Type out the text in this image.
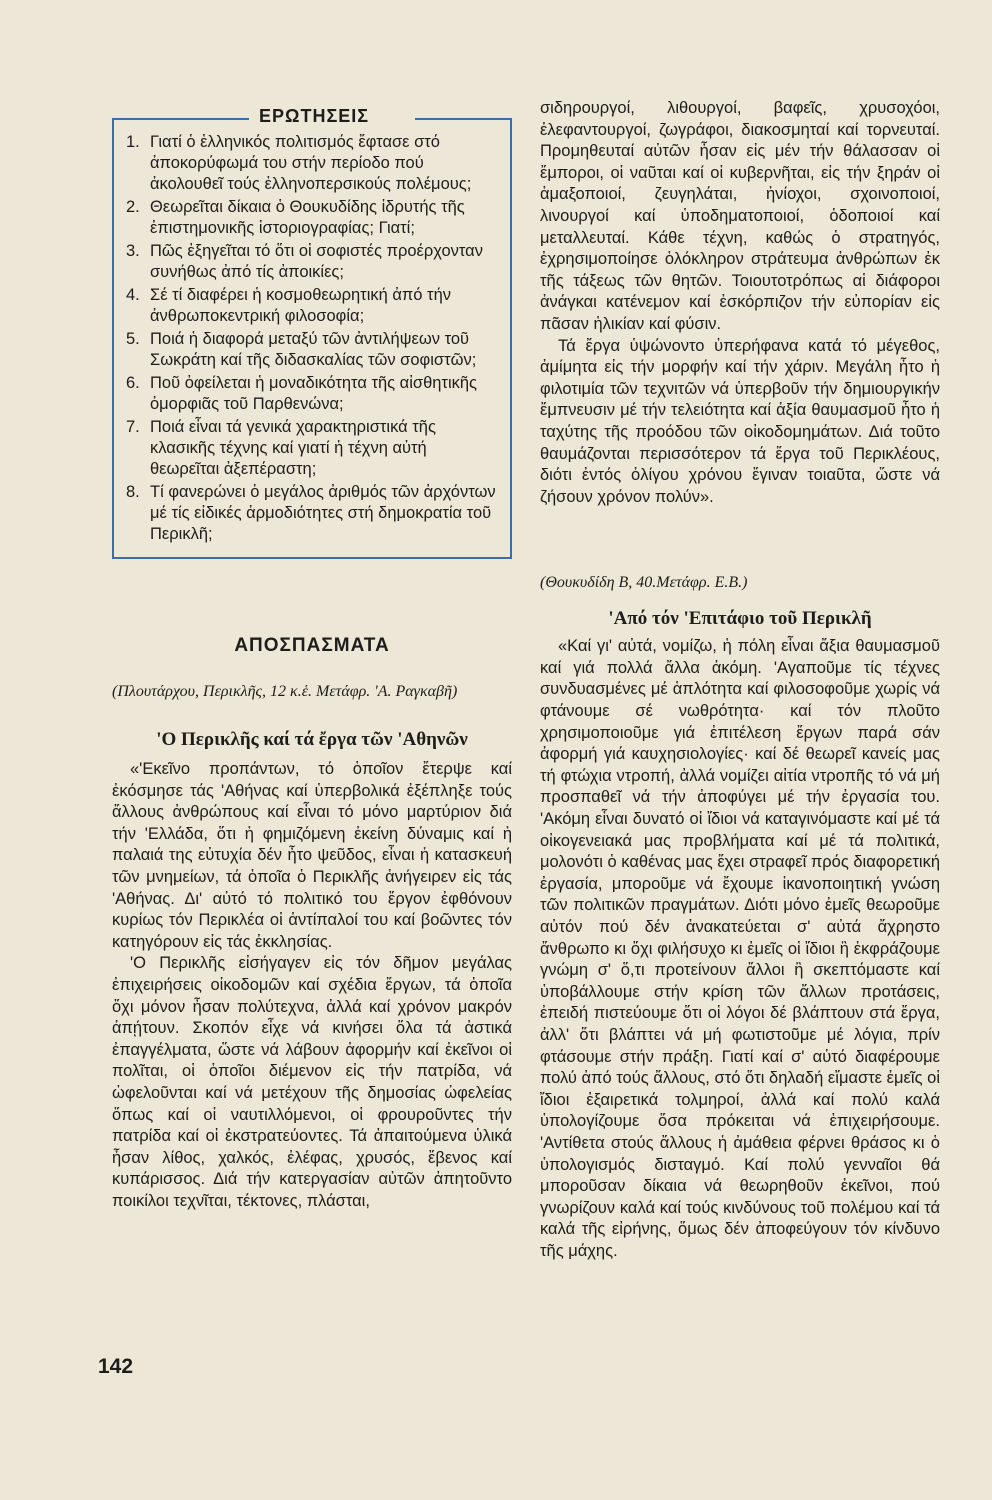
ΕΡΩΤΗΣΕΙΣ
1. Γιατί ὁ ἑλληνικός πολιτισμός ἔφτασε στό ἀποκορύφωμά του στήν περίοδο πού ἀκολουθεῖ τούς ἑλληνοπερσικούς πολέμους;
2. Θεωρεῖται δίκαια ὁ Θουκυδίδης ἱδρυτής τῆς ἐπιστημονικῆς ἱστοριογραφίας; Γιατί;
3. Πῶς ἐξηγεῖται τό ὅτι οἱ σοφιστές προέρχονταν συνήθως ἀπό τίς ἀποικίες;
4. Σέ τί διαφέρει ἡ κοσμοθεωρητική ἀπό τήν ἀνθρωποκεντρική φιλοσοφία;
5. Ποιά ἡ διαφορά μεταξύ τῶν ἀντιλήψεων τοῦ Σωκράτη καί τῆς διδασκαλίας τῶν σοφιστῶν;
6. Ποῦ ὀφείλεται ἡ μοναδικότητα τῆς αἰσθητικῆς ὀμορφιᾶς τοῦ Παρθενώνα;
7. Ποιά εἶναι τά γενικά χαρακτηριστικά τῆς κλασικῆς τέχνης καί γιατί ἡ τέχνη αὐτή θεωρεῖται ἀξεπέραστη;
8. Τί φανερώνει ὁ μεγάλος ἀριθμός τῶν ἀρχόντων μέ τίς εἰδικές ἀρμοδιότητες στή δημοκρατία τοῦ Περικλῆ;
ΑΠΟΣΠΑΣΜΑΤΑ
(Πλουτάρχου, Περικλῆς, 12 κ.ἑ. Μετάφρ. 'Α. Ραγκαβῆ)
'Ο Περικλῆς καί τά ἔργα τῶν 'Αθηνῶν

«'Εκεῖνο προπάντων, τό ὁποῖον ἔτερψε καί ἐκόσμησε τάς 'Αθήνας καί ὑπερβολικά ἐξέπληξε τούς ἄλλους ἀνθρώπους καί εἶναι τό μόνο μαρτύριον διά τήν 'Ελλάδα, ὅτι ἡ φημιζόμενη ἐκείνη δύναμις καί ἡ παλαιά της εὐτυχία δέν ἦτο ψεῦδος, εἶναι ἡ κατασκευή τῶν μνημείων, τά ὁποῖα ὁ Περικλῆς ἀνήγειρεν εἰς τάς 'Αθήνας. Δι' αὐτό τό πολιτικό του ἔργον ἐφθόνουν κυρίως τόν Περικλέα οἱ ἀντίπαλοί του καί βοῶντες τόν κατηγόρουν εἰς τάς ἐκκλησίας.

'Ο Περικλῆς εἰσήγαγεν εἰς τόν δῆμον μεγάλας ἐπιχειρήσεις οἰκοδομῶν καί σχέδια ἔργων, τά ὁποῖα ὄχι μόνον ἦσαν πολύτεχνα, ἀλλά καί χρόνον μακρόν ἀπῄτουν. Σκοπόν εἶχε νά κινήσει ὅλα τά ἀστικά ἐπαγγέλματα, ὥστε νά λάβουν ἀφορμήν καί ἐκεῖνοι οἱ πολῖται, οἱ ὁποῖοι διέμενον εἰς τήν πατρίδα, νά ὠφελοῦνται καί νά μετέχουν τῆς δημοσίας ὠφελείας ὅπως καί οἱ ναυτιλλόμενοι, οἱ φρουροῦντες τήν πατρίδα καί οἱ ἐκστρατεύοντες. Τά ἀπαιτούμενα ὑλικά ἦσαν λίθος, χαλκός, ἐλέφας, χρυσός, ἔβενος καί κυπάρισσος. Διά τήν κατεργασίαν αὐτῶν ἀπητοῦντο ποικίλοι τεχνῖται, τέκτονες, πλάσται,

σιδηρουργοί, λιθουργοί, βαφεῖς, χρυσοχόοι, ἐλεφαντουργοί, ζωγράφοι, διακοσμηταί καί τορνευταί. Προμηθευταί αὐτῶν ἦσαν εἰς μέν τήν θάλασσαν οἱ ἔμποροι, οἱ ναῦται καί οἱ κυβερνῆται, εἰς τήν ξηράν οἱ ἁμαξοποιοί, ζευγηλάται, ἡνίοχοι, σχοινοποιοί, λινουργοί καί ὑποδηματοποιοί, ὁδοποιοί καί μεταλλευταί. Κάθε τέχνη, καθώς ὁ στρατηγός, ἐχρησιμοποίησε ὁλόκληρον στράτευμα ἀνθρώπων ἐκ τῆς τάξεως τῶν θητῶν. Τοιουτοτρόπως αἱ διάφοροι ἀνάγκαι κατένεμον καί ἐσκόρπιζον τήν εὐπορίαν εἰς πᾶσαν ἡλικίαν καί φύσιν.

Τά ἔργα ὑψώνοντο ὑπερήφανα κατά τό μέγεθος, ἀμίμητα εἰς τήν μορφήν καί τήν χάριν. Μεγάλη ἦτο ἡ φιλοτιμία τῶν τεχνιτῶν νά ὑπερβοῦν τήν δημιουργικήν ἔμπνευσιν μέ τήν τελειότητα καί ἀξία θαυμασμοῦ ἦτο ἡ ταχύτης τῆς προόδου τῶν οἰκοδομημάτων. Διά τοῦτο θαυμάζονται περισσότερον τά ἔργα τοῦ Περικλέους, διότι ἐντός ὀλίγου χρόνου ἔγιναν τοιαῦτα, ὥστε νά ζήσουν χρόνον πολύν».

(Θουκυδίδη Β, 40.Μετάφρ. Ε.Β.)
'Από τόν 'Επιτάφιο τοῦ Περικλῆ

«Καί γι' αὐτά, νομίζω, ἡ πόλη εἶναι ἄξια θαυμασμοῦ καί γιά πολλά ἄλλα ἀκόμη. 'Αγαποῦμε τίς τέχνες συνδυασμένες μέ ἁπλότητα καί φιλοσοφοῦμε χωρίς νά φτάνουμε σέ νωθρότητα· καί τόν πλοῦτο χρησιμοποιοῦμε γιά ἐπιτέλεση ἔργων παρά σάν ἀφορμή γιά καυχησιολογίες· καί δέ θεωρεῖ κανείς μας τή φτώχια ντροπή, ἀλλά νομίζει αἰτία ντροπῆς τό νά μή προσπαθεῖ νά τήν ἀποφύγει μέ τήν ἐργασία του. 'Ακόμη εἶναι δυνατό οἱ ἴδιοι νά καταγινόμαστε καί μέ τά οἰκογενειακά μας προβλήματα καί μέ τά πολιτικά, μολονότι ὁ καθένας μας ἔχει στραφεῖ πρός διαφορετική ἐργασία, μποροῦμε νά ἔχουμε ἱκανοποιητική γνώση τῶν πολιτικῶν πραγμάτων. Διότι μόνο ἐμεῖς θεωροῦμε αὐτόν πού δέν ἀνακατεύεται σ' αὐτά ἄχρηστο ἄνθρωπο κι ὄχι φιλήσυχο κι ἐμεῖς οἱ ἴδιοι ἢ ἐκφράζουμε γνώμη σ' ὅ,τι προτείνουν ἄλλοι ἢ σκεπτόμαστε καί ὑποβάλλουμε στήν κρίση τῶν ἄλλων προτάσεις, ἐπειδή πιστεύουμε ὅτι οἱ λόγοι δέ βλάπτουν στά ἔργα, ἀλλ' ὅτι βλάπτει νά μή φωτιστοῦμε μέ λόγια, πρίν φτάσουμε στήν πράξη. Γιατί καί σ' αὐτό διαφέρουμε πολύ ἀπό τούς ἄλλους, στό ὅτι δηλαδή εἴμαστε ἐμεῖς οἱ ἴδιοι ἐξαιρετικά τολμηροί, ἀλλά καί πολύ καλά ὑπολογίζουμε ὅσα πρόκειται νά ἐπιχειρήσουμε. 'Αντίθετα στούς ἄλλους ἡ ἀμάθεια φέρνει θράσος κι ὁ ὑπολογισμός δισταγμό. Καί πολύ γενναῖοι θά μποροῦσαν δίκαια νά θεωρηθοῦν ἐκεῖνοι, πού γνωρίζουν καλά καί τούς κινδύνους τοῦ πολέμου καί τά καλά τῆς εἰρήνης, ὅμως δέν ἀποφεύγουν τόν κίνδυνο τῆς μάχης.

142
